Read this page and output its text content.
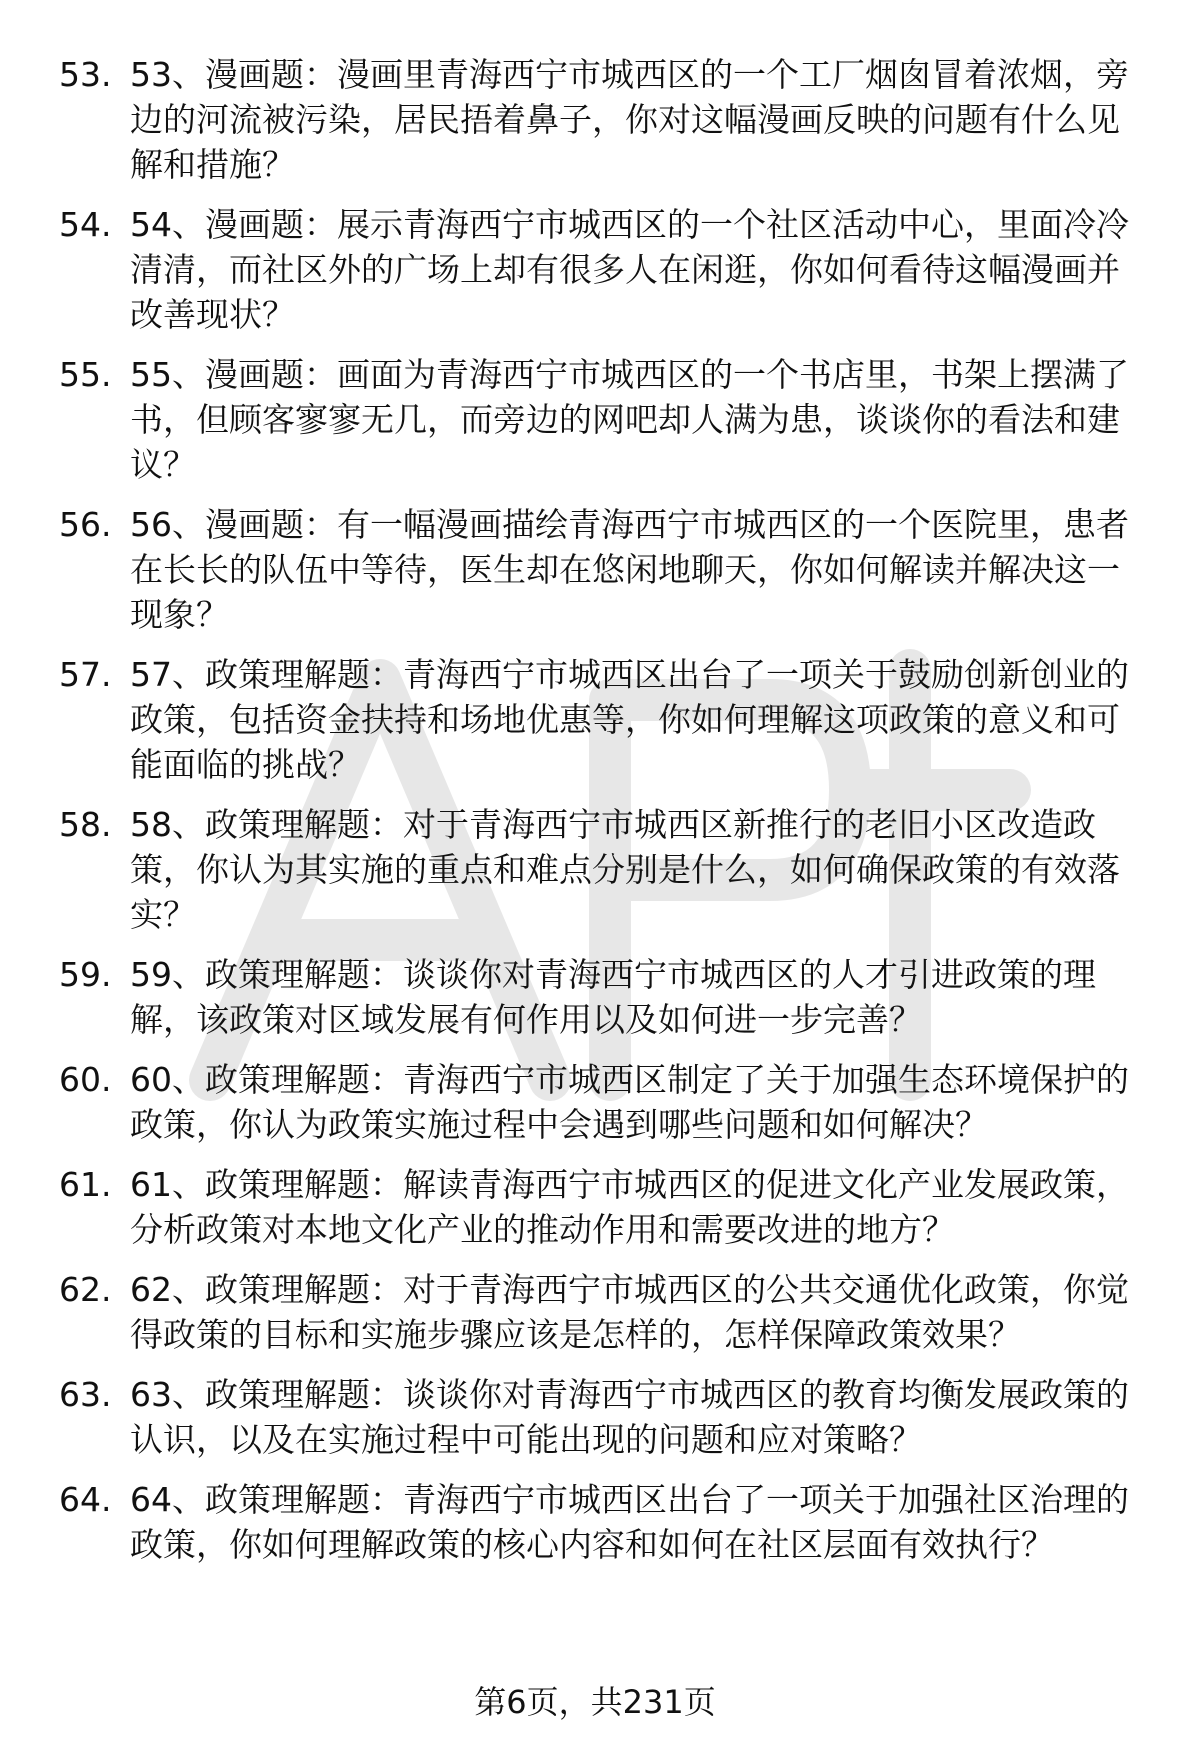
53. 53、漫画题：漫画里青海西宁市城西区的一个工厂烟囱冒着浓烟，旁边的河流被污染，居民捂着鼻子，你对这幅漫画反映的问题有什么见解和措施？
54. 54、漫画题：展示青海西宁市城西区的一个社区活动中心，里面冷冷清清，而社区外的广场上却有很多人在闲逛，你如何看待这幅漫画并改善现状？
55. 55、漫画题：画面为青海西宁市城西区的一个书店里，书架上摆满了书，但顾客寥寥无几，而旁边的网吧却人满为患，谈谈你的看法和建议？
56. 56、漫画题：有一幅漫画描绘青海西宁市城西区的一个医院里，患者在长长的队伍中等待，医生却在悠闲地聊天，你如何解读并解决这一现象？
57. 57、政策理解题：青海西宁市城西区出台了一项关于鼓励创新创业的政策，包括资金扶持和场地优惠等，你如何理解这项政策的意义和可能面临的挑战？
58. 58、政策理解题：对于青海西宁市城西区新推行的老旧小区改造政策，你认为其实施的重点和难点分别是什么，如何确保政策的有效落实？
59. 59、政策理解题：谈谈你对青海西宁市城西区的人才引进政策的理解，该政策对区域发展有何作用以及如何进一步完善？
60. 60、政策理解题：青海西宁市城西区制定了关于加强生态环境保护的政策，你认为政策实施过程中会遇到哪些问题和如何解决？
61. 61、政策理解题：解读青海西宁市城西区的促进文化产业发展政策，分析政策对本地文化产业的推动作用和需要改进的地方？
62. 62、政策理解题：对于青海西宁市城西区的公共交通优化政策，你觉得政策的目标和实施步骤应该是怎样的，怎样保障政策效果？
63. 63、政策理解题：谈谈你对青海西宁市城西区的教育均衡发展政策的认识，以及在实施过程中可能出现的问题和应对策略？
64. 64、政策理解题：青海西宁市城西区出台了一项关于加强社区治理的政策，你如何理解政策的核心内容和如何在社区层面有效执行？
第6页，共231页
